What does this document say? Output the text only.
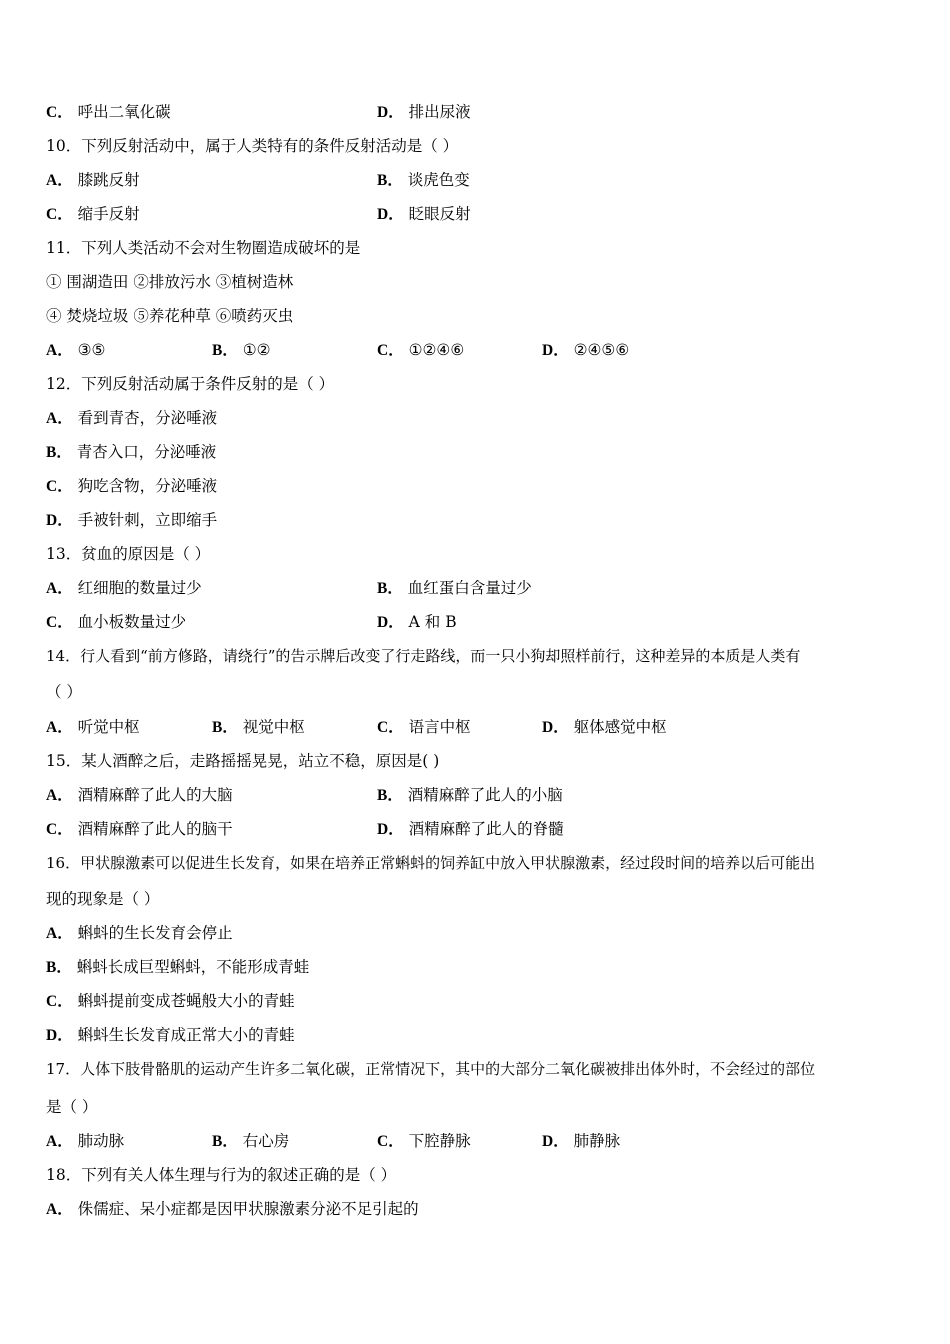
C． 呼出二氧化碳	D． 排出尿液
10．下列反射活动中，属于人类特有的条件反射活动是（ ）
A． 膝跳反射	B． 谈虎色变
C． 缩手反射	D． 眨眼反射
11．下列人类活动不会对生物圈造成破坏的是
① 围湖造田 ②排放污水 ③植树造林
④ 焚烧垃圾 ⑤养花种草 ⑥喷药灭虫
A． ③⑤	B． ①②	C． ①②④⑥	D． ②④⑤⑥
12．下列反射活动属于条件反射的是（ ）
A． 看到青杏，分泌唾液
B． 青杏入口，分泌唾液
C． 狗吃含物，分泌唾液
D． 手被针刺，立即缩手
13．贫血的原因是（ ）
A． 红细胞的数量过少	B． 血红蛋白含量过少
C． 血小板数量过少	D． A 和 B
14．行人看到“前方修路，请绕行”的告示牌后改变了行走路线，而一只小狗却照样前行，这种差异的本质是人类有
（ ）
A． 听觉中枢	B． 视觉中枢	C． 语言中枢	D． 躯体感觉中枢
15．某人酒醉之后，走路摇摇晃晃，站立不稳，原因是( )
A． 酒精麻醉了此人的大脑	B． 酒精麻醉了此人的小脑
C． 酒精麻醉了此人的脑干	D． 酒精麻醉了此人的脊髓
16．甲状腺激素可以促进生长发育，如果在培养正常蝌蚪的饲养缸中放入甲状腺激素，经过段时间的培养以后可能出
现的现象是（ ）
A． 蝌蚪的生长发育会停止
B． 蝌蚪长成巨型蝌蚪，不能形成青蛙
C． 蝌蚪提前变成苍蝇般大小的青蛙
D． 蝌蚪生长发育成正常大小的青蛙
17．人体下肢骨骼肌的运动产生许多二氧化碳，正常情况下，其中的大部分二氧化碳被排出体外时，不会经过的部位
是（ ）
A． 肺动脉	B． 右心房	C． 下腔静脉	D． 肺静脉
18．下列有关人体生理与行为的叙述正确的是（ ）
A． 侏儒症、呆小症都是因甲状腺激素分泌不足引起的
